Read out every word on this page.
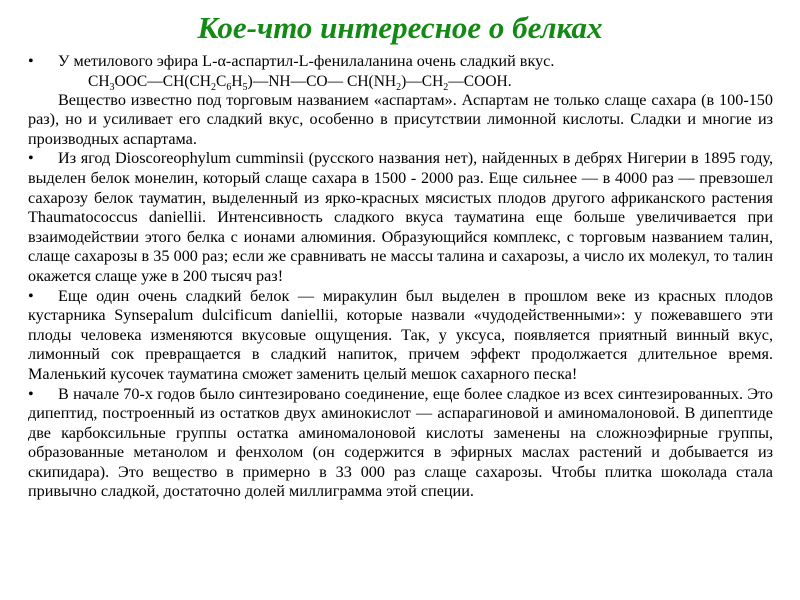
Кое-что интересное о белках

• У метилового эфира L-α-аспартил-L-фенилаланина очень сладкий вкус.

$CH_3OOC—CH(CH_2C_6H_5)—NH—CO—$ $CH(NH_2)—CH_2—COOH$.

Вещество известно под торговым названием «аспартам». Аспартам не только слаще сахара (в 100-150 раз), но и усиливает его сладкий вкус, особенно в присутствии лимонной кислоты. Сладки и многие из производных аспартама.

• Из ягод Dioscoreophylum cumminsii (русского названия нет), найденных в дебрях Нигерии в 1895 году, выделен белок монелин, который слаще сахара в 1500 - 2000 раз. Еще сильнее — в 4000 раз — превзошел сахарозу белок тауматин, выделенный из ярко-красных мясистых плодов другого африканского растения Thaumatococcus daniellii. Интенсивность сладкого вкуса тауматина еще больше увеличивается при взаимодействии этого белка с ионами алюминия. Образующийся комплекс, с торговым названием талин, слаще сахарозы в 35 000 раз; если же сравнивать не массы талина и сахарозы, а число их молекул, то талин окажется слаще уже в 200 тысяч раз!

• Еще один очень сладкий белок — миракулин был выделен в прошлом веке из красных плодов кустарника Synsepalum dulcificum daniellii, которые назвали «чудодейственными»: у пожевавшего эти плоды человека изменяются вкусовые ощущения. Так, у уксуса, появляется приятный винный вкус, лимонный сок превращается в сладкий напиток, причем эффект продолжается длительное время. Маленький кусочек тауматина сможет заменить целый мешок сахарного песка!

• В начале 70-х годов было синтезировано соединение, еще более сладкое из всех синтезированных. Это дипептид, построенный из остатков двух аминокислот — аспарагиновой и аминомалоновой. В дипептиде две карбоксильные группы остатка аминомалоновой кислоты заменены на сложноэфирные группы, образованные метанолом и фенхолом (он содержится в эфирных маслах растений и добывается из скипидара). Это вещество в примерно в 33 000 раз слаще сахарозы. Чтобы плитка шоколада стала привычно сладкой, достаточно долей миллиграмма этой специи.
